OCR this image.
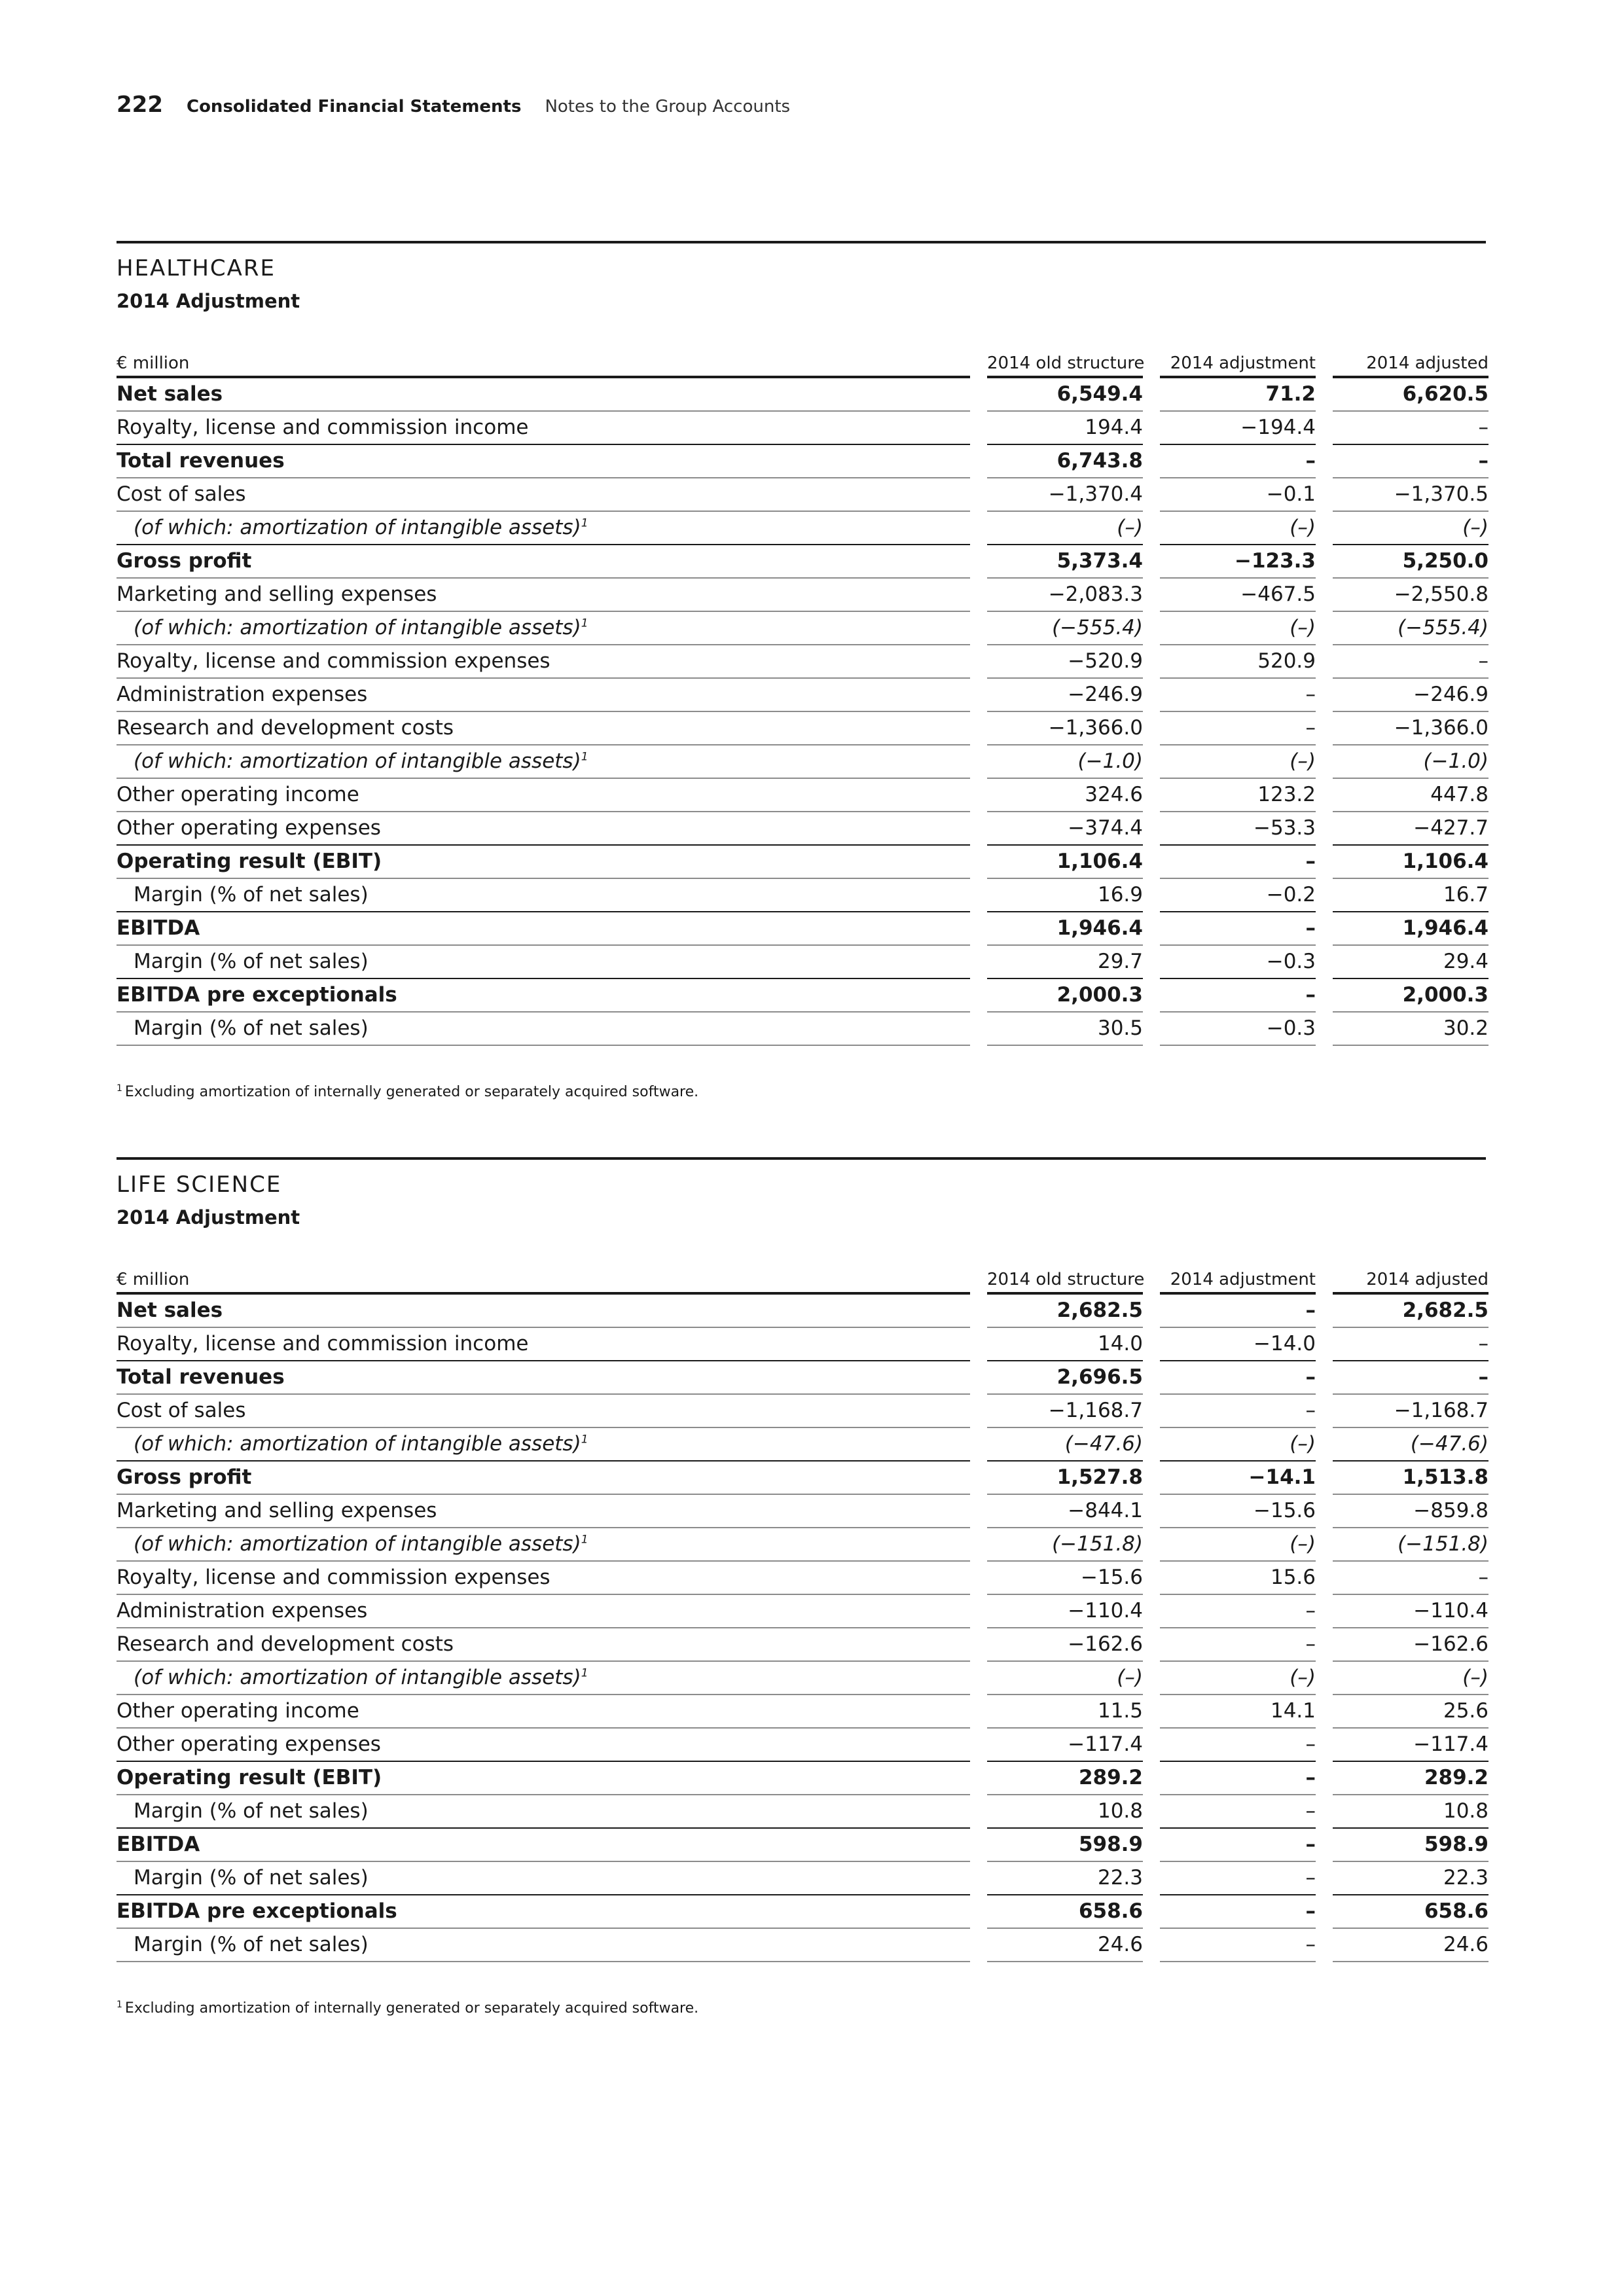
222 Consolidated Financial Statements Notes to the Group Accounts
HEALTHCARE
2014 Adjustment
€ million		2014 old structure		2014 adjustment		2014 adjusted
Net sales		6,549.4		71.2		6,620.5
Royalty, license and commission income		194.4		−194.4		–
Total revenues		6,743.8		–		–
Cost of sales		−1,370.4		−0.1		−1,370.5
(of which: amortization of intangible assets)$^1$		(–)		(–)		(–)
Gross profit		5,373.4		−123.3		5,250.0
Marketing and selling expenses		−2,083.3		−467.5		−2,550.8
(of which: amortization of intangible assets)$^1$		(−555.4)		(–)		(−555.4)
Royalty, license and commission expenses		−520.9		520.9		–
Administration expenses		−246.9		–		−246.9
Research and development costs		−1,366.0		–		−1,366.0
(of which: amortization of intangible assets)$^1$		(−1.0)		(–)		(−1.0)
Other operating income		324.6		123.2		447.8
Other operating expenses		−374.4		−53.3		−427.7
Operating result (EBIT)		1,106.4		–		1,106.4
Margin (% of net sales)		16.9		−0.2		16.7
EBITDA		1,946.4		–		1,946.4
Margin (% of net sales)		29.7		−0.3		29.4
EBITDA pre exceptionals		2,000.3		–		2,000.3
Margin (% of net sales)		30.5		−0.3		30.2
$^1$ Excluding amortization of internally generated or separately acquired software.
LIFE SCIENCE
2014 Adjustment
€ million		2014 old structure		2014 adjustment		2014 adjusted
Net sales		2,682.5		–		2,682.5
Royalty, license and commission income		14.0		−14.0		–
Total revenues		2,696.5		–		–
Cost of sales		−1,168.7		–		−1,168.7
(of which: amortization of intangible assets)$^1$		(−47.6)		(–)		(−47.6)
Gross profit		1,527.8		−14.1		1,513.8
Marketing and selling expenses		−844.1		−15.6		−859.8
(of which: amortization of intangible assets)$^1$		(−151.8)		(–)		(−151.8)
Royalty, license and commission expenses		−15.6		15.6		–
Administration expenses		−110.4		–		−110.4
Research and development costs		−162.6		–		−162.6
(of which: amortization of intangible assets)$^1$		(–)		(–)		(–)
Other operating income		11.5		14.1		25.6
Other operating expenses		−117.4		–		−117.4
Operating result (EBIT)		289.2		–		289.2
Margin (% of net sales)		10.8		–		10.8
EBITDA		598.9		–		598.9
Margin (% of net sales)		22.3		–		22.3
EBITDA pre exceptionals		658.6		–		658.6
Margin (% of net sales)		24.6		–		24.6
$^1$ Excluding amortization of internally generated or separately acquired software.
